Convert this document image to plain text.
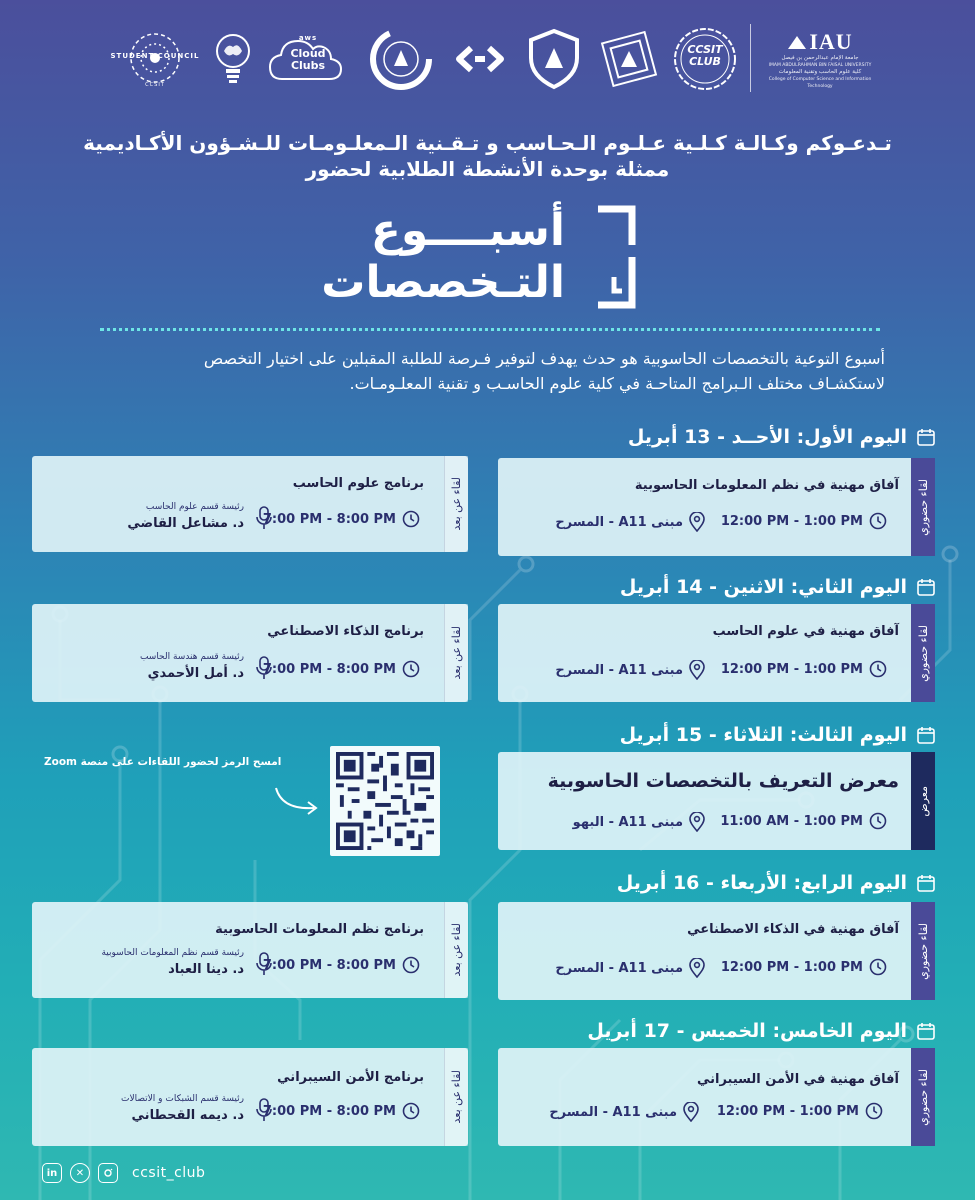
STUDENT COUNCIL
CCSIT
aws
Cloud Clubs
CCSIT CLUB
IAU
جامعة الإمام عبدالرحمن بن فيصل
IMAM ABDULRAHMAN BIN FAISAL UNIVERSITY
كلية علوم الحاسب وتقنية المعلومات
College of Computer Science and Information Technology
تـدعـوكم وكـالـة كـلـية عـلـوم الـحـاسب و تـقـنية الـمعلـومـات للـشـؤون الأكـاديمية
ممثلة بوحدة الأنشطة الطلابية لحضور
أسبــــوع
التـخصصات
أسبوع التوعية بالتخصصات الحاسوبية هو حدث يهدف لتوفير فـرصة للطلبة المقبلين على اختيار التخصص
لاستكشـاف مختلف الـبرامج المتاحـة في كلية علوم الحاسـب و تقنية المعلـومـات.
اليوم الأول: الأحــد - 13 أبريل
لقاء حضوري
آفاق مهنية في نظم المعلومات الحاسوبية
12:00 PM - 1:00 PM
مبنى A11 - المسرح
لقاء عن بعد
برنامج علوم الحاسب
7:00 PM - 8:00 PM
رئيسة قسم علوم الحاسب
د. مشاعل القاضي
اليوم الثاني: الاثنين - 14 أبريل
لقاء حضوري
آفاق مهنية في علوم الحاسب
12:00 PM - 1:00 PM
مبنى A11 - المسرح
لقاء عن بعد
برنامج الذكاء الاصطناعي
7:00 PM - 8:00 PM
رئيسة قسم هندسة الحاسب
د. أمل الأحمدي
اليوم الثالث: الثلاثاء - 15 أبريل
معرض
معرض التعريف بالتخصصات الحاسوبية
11:00 AM - 1:00 PM
مبنى A11 - البهو
امسح الرمز لحضور اللقاءات على منصة Zoom
اليوم الرابع: الأربعاء - 16 أبريل
لقاء حضوري
آفاق مهنية في الذكاء الاصطناعي
12:00 PM - 1:00 PM
مبنى A11 - المسرح
لقاء عن بعد
برنامج نظم المعلومات الحاسوبية
7:00 PM - 8:00 PM
رئيسة قسم نظم المعلومات الحاسوبية
د. دينا العباد
اليوم الخامس: الخميس - 17 أبريل
لقاء حضوري
آفاق مهنية في الأمن السيبراني
12:00 PM - 1:00 PM
مبنى A11 - المسرح
لقاء عن بعد
برنامج الأمن السيبراني
7:00 PM - 8:00 PM
رئيسة قسم الشبكات و الاتصالات
د. ديمه القحطاني
in	✕	ccsit_club
